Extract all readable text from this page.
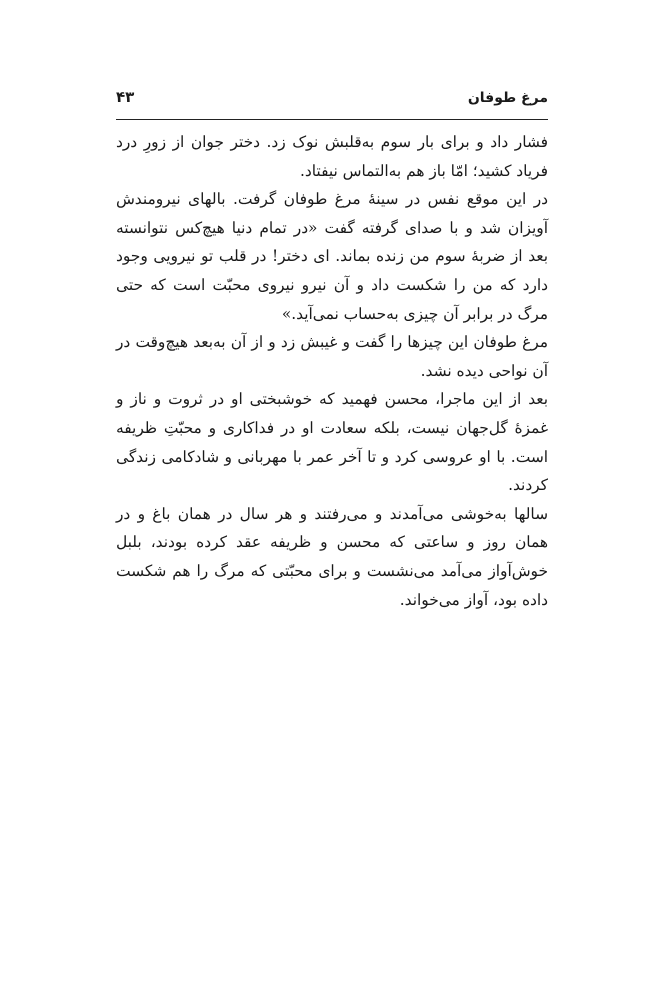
مرغ طوفان
۴۳

فشار داد و برای بار سوم به‌قلبش نوک زد. دختر جوان از زورِ درد فریاد کشید؛ امّا باز هم به‌التماس نیفتاد.

در این موقع نفس در سینهٔ مرغ طوفان گرفت. بالهای نیرومندش آویزان شد و با صدای گرفته گفت «در تمام دنیا هیچ‌کس نتوانسته بعد از ضربهٔ سوم من زنده بماند. ای دختر! در قلب تو نیرویی وجود دارد که من را شکست داد و آن نیرو نیروی محبّت است که حتی مرگ در برابر آن چیزی به‌حساب نمی‌آید.»

مرغ طوفان این چیزها را گفت و غیبش زد و از آن به‌بعد هیچ‌وقت در آن نواحی دیده نشد.

بعد از این ماجرا، محسن فهمید که خوشبختی او در ثروت و ناز و غمزهٔ گل‌جهان نیست، بلکه سعادت او در فداکاری و محبّتِ ظریفه است. با او عروسی کرد و تا آخر عمر با مهربانی و شادکامی زندگی کردند.

سالها به‌خوشی می‌آمدند و می‌رفتند و هر سال در همان باغ و در همان روز و ساعتی که محسن و ظریفه عقد کرده بودند، بلبل خوش‌آواز می‌آمد می‌نشست و برای محبّتی که مرگ را هم شکست داده بود، آواز می‌خواند.
